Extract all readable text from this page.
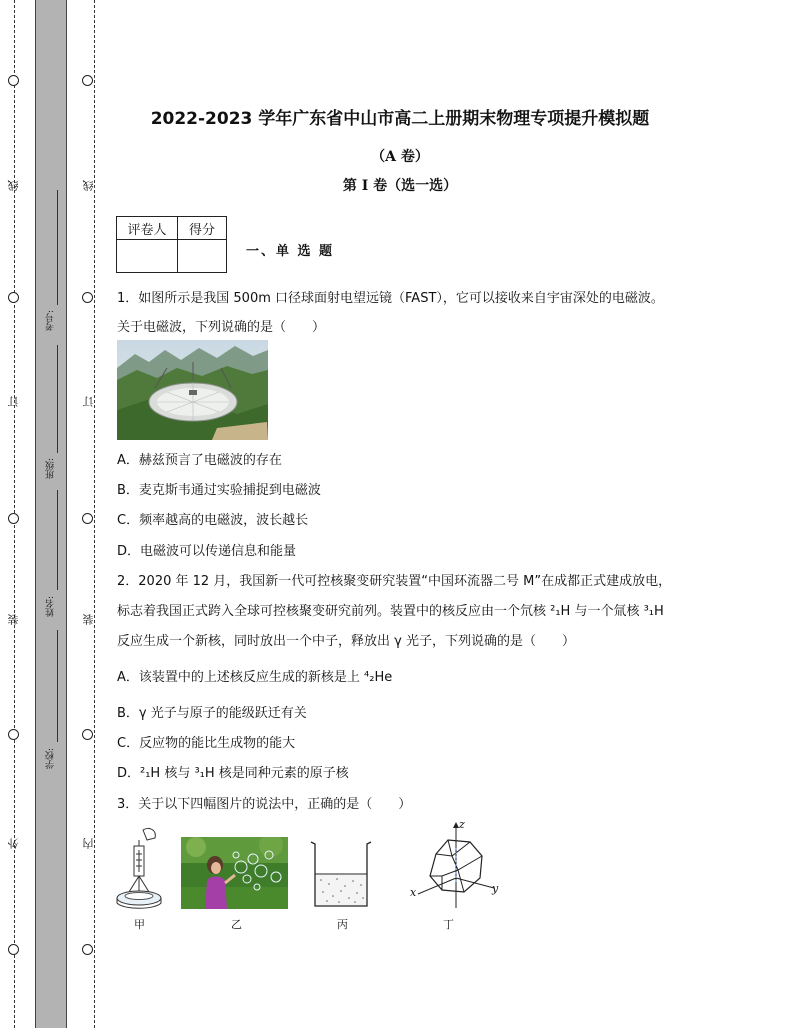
线
订
装
外
线
订
装
内
考号:
班级:
姓名:
学校:
2022-2023 学年广东省中山市高二上册期末物理专项提升模拟题
（A 卷）
第 I 卷（选一选）
评卷人	得分

一、单 选 题
1．如图所示是我国 500m 口径球面射电望远镜（FAST），它可以接收来自宇宙深处的电磁波。
关于电磁波，下列说确的是（　　）
A．赫兹预言了电磁波的存在
B．麦克斯韦通过实验捕捉到电磁波
C．频率越高的电磁波，波长越长
D．电磁波可以传递信息和能量
2．2020 年 12 月，我国新一代可控核聚变研究装置“中国环流器二号 M”在成都正式建成放电，
标志着我国正式跨入全球可控核聚变研究前列。装置中的核反应由一个氘核 ²₁H 与一个氚核 ³₁H
反应生成一个新核，同时放出一个中子，释放出 γ 光子，下列说确的是（　　）
A．该装置中的上述核反应生成的新核是上 ⁴₂He
B．γ 光子与原子的能级跃迁有关
C．反应物的能比生成物的能大
D．²₁H 核与 ³₁H 核是同种元素的原子核
3．关于以下四幅图片的说法中，正确的是（　　）
z
x	y
甲	乙	丙	丁
